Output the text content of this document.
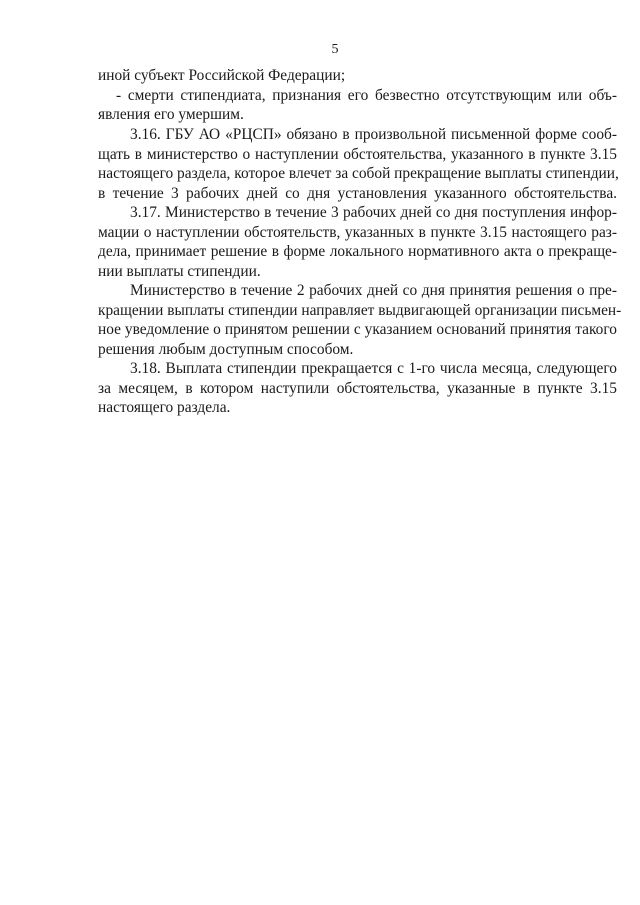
5
иной субъект Российской Федерации;
- смерти стипендиата, признания его безвестно отсутствующим или объ-
явления его умершим.
3.16. ГБУ АО «РЦСП» обязано в произвольной письменной форме сооб-
щать в министерство о наступлении обстоятельства, указанного в пункте 3.15
настоящего раздела, которое влечет за собой прекращение выплаты стипендии,
в течение 3 рабочих дней со дня установления указанного обстоятельства.
3.17. Министерство в течение 3 рабочих дней со дня поступления инфор-
мации о наступлении обстоятельств, указанных в пункте 3.15 настоящего раз-
дела, принимает решение в форме локального нормативного акта о прекраще-
нии выплаты стипендии.
Министерство в течение 2 рабочих дней со дня принятия решения о пре-
кращении выплаты стипендии направляет выдвигающей организации письмен-
ное уведомление о принятом решении с указанием оснований принятия такого
решения любым доступным способом.
3.18. Выплата стипендии прекращается с 1-го числа месяца, следующего
за месяцем, в котором наступили обстоятельства, указанные в пункте 3.15
настоящего раздела.
